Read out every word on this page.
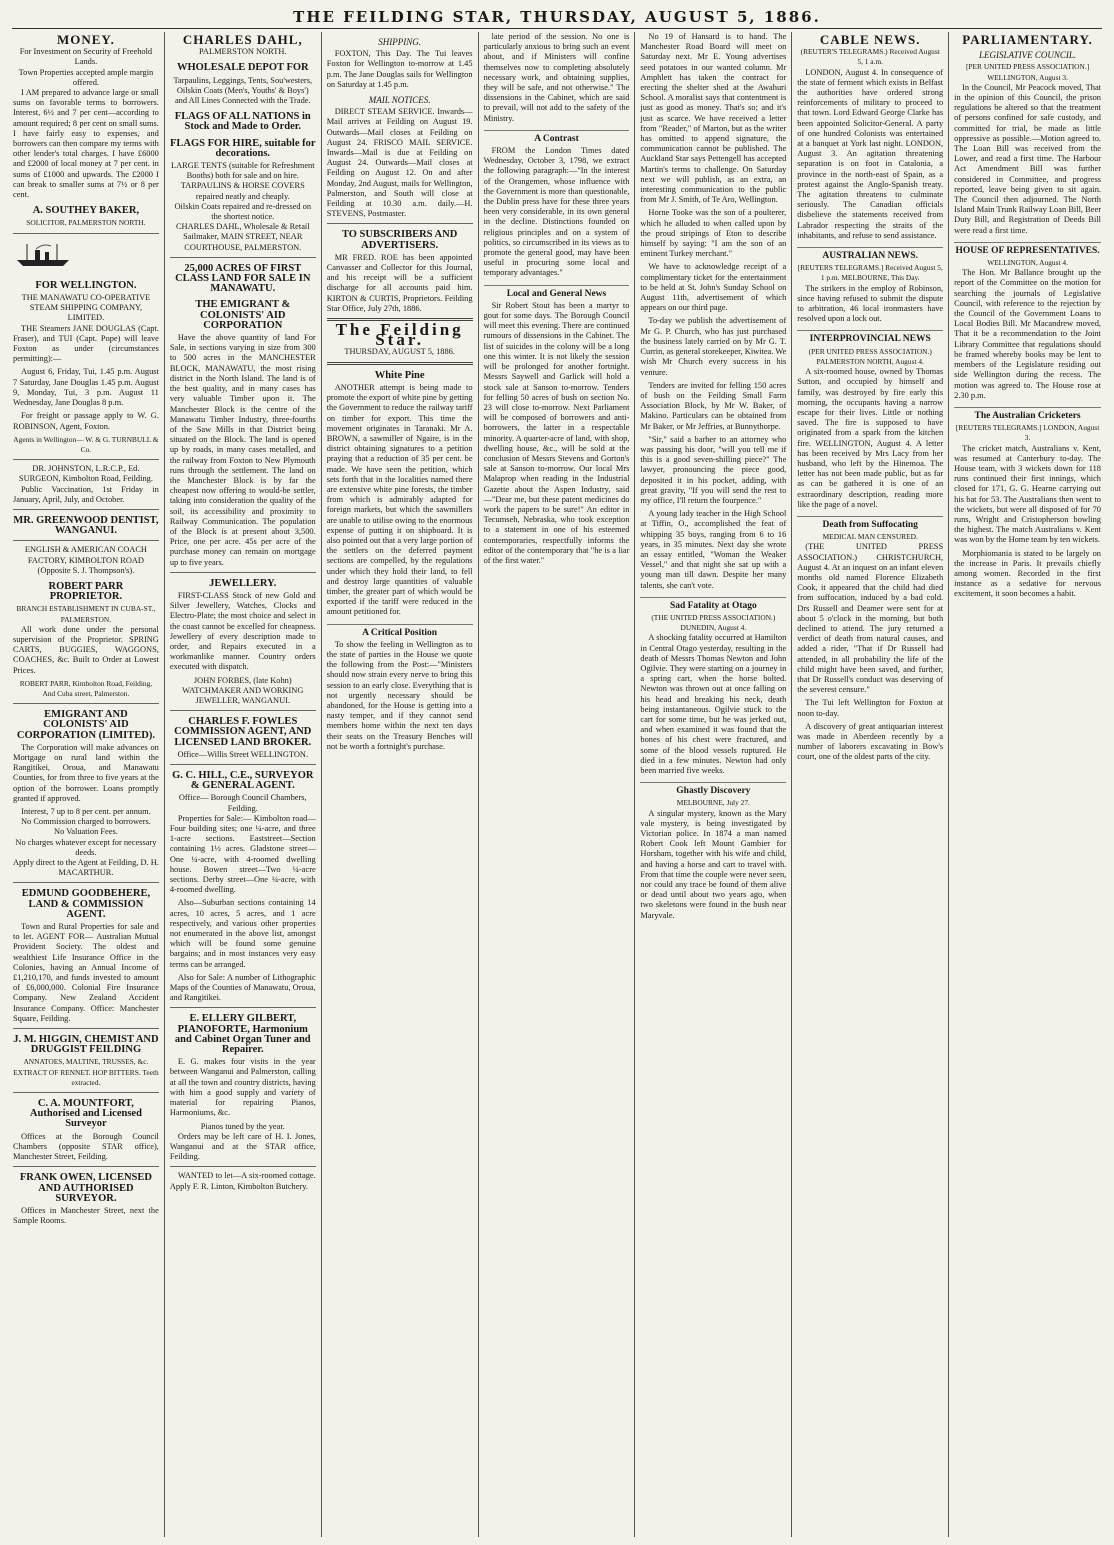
THE FEILDING STAR, THURSDAY, AUGUST 5, 1886.
MONEY.
For Investment on Security of Freehold Lands.
Town Properties accepted ample margin offered.

I AM prepared to advance large or small sums on favorable terms to borrowers. Interest, 6½ and 7 per cent—according to amount required; 8 per cent on small sums. I have fairly easy to expenses, and borrowers can then compare my terms with other lender's total charges. I have £6000 and £2000 of local money at 7 per cent. in sums of £1000 and upwards. The £2000 I can break to smaller sums at 7½ or 8 per cent.

A. SOUTHEY BAKER,
SOLICITOR, PALMERSTON NORTH.
FOR WELLINGTON.
THE MANAWATU CO-OPERATIVE STEAM SHIPPING COMPANY, LIMITED.

THE Steamers JANE DOUGLAS (Capt. Fraser), and TUI (Capt. Pope) will leave Foxton as under (circumstances permitting):—

August 6, Friday, Tui, 1.45 p.m. August 7 Saturday, Jane Douglas 1.45 p.m. August 9, Monday, Tui, 3 p.m. August 11 Wednesday, Jane Douglas 8 p.m.

For freight or passage apply to W. G. ROBINSON, Agent, Foxton.

Agents in Wellington— W. & G. TURNBULL & Co.
DR. JOHNSTON, L.R.C.P., Ed. SURGEON, Kimbolton Road, Feilding.

Public Vaccination, 1st Friday in January, April, July, and October.

MR. GREENWOOD DENTIST, WANGANUI.
ENGLISH & AMERICAN COACH FACTORY, KIMBOLTON ROAD (Opposite S. J. Thompson's).
ROBERT PARR PROPRIETOR.
BRANCH ESTABLISHMENT IN CUBA-ST., PALMERSTON.

All work done under the personal supervision of the Proprietor. SPRING CARTS, BUGGIES, WAGGONS, COACHES, &c. Built to Order at Lowest Prices.

ROBERT PARR, Kimbolton Road, Feilding, And Cuba street, Palmerston.
EMIGRANT AND COLONISTS' AID CORPORATION (LIMITED).

The Corporation will make advances on Mortgage on rural land within the Rangitikei, Oroua, and Manawatu Counties, for from three to five years at the option of the borrower. Loans promptly granted if approved.

Interest, 7 up to 8 per cent. per annum.
No Commission charged to borrowers.
No Valuation Fees.
No charges whatever except for necessary deeds.
Apply direct to the Agent at Feilding, D. H. MACARTHUR.
EDMUND GOODBEHERE, LAND & COMMISSION AGENT.

Town and Rural Properties for sale and to let. AGENT FOR— Australian Mutual Provident Society. The oldest and wealthiest Life Insurance Office in the Colonies, having an Annual Income of £1,210,170, and funds invested to amount of £6,000,000. Colonial Fire Insurance Company. New Zealand Accident Insurance Company. Office: Manchester Square, Feilding.

J. M. HIGGIN, CHEMIST AND DRUGGIST FEILDING
ANNATOES, MALTINE, TRUSSES, &c. EXTRACT OF RENNET. HOP BITTERS. Teeth extracted.
C. A. MOUNTFORT, Authorised and Licensed Surveyor

Offices at the Borough Council Chambers (opposite STAR office), Manchester Street, Feilding.

FRANK OWEN, LICENSED AND AUTHORISED SURVEYOR.

Offices in Manchester Street, next the Sample Rooms.

CHARLES DAHL,
PALMERSTON NORTH.
WHOLESALE DEPOT FOR
Tarpaulins, Leggings, Tents, Sou'westers, Oilskin Coats (Men's, Youths' & Boys') and All Lines Connected with the Trade.
FLAGS OF ALL NATIONS in Stock and Made to Order.
FLAGS FOR HIRE, suitable for decorations.
LARGE TENTS (suitable for Refreshment Booths) both for sale and on hire.
TARPAULINS & HORSE COVERS repaired neatly and cheaply.
Oilskin Coats repaired and re-dressed on the shortest notice.
CHARLES DAHL, Wholesale & Retail Sailmaker, MAIN STREET, NEAR COURTHOUSE, PALMERSTON.
25,000 ACRES OF FIRST CLASS LAND FOR SALE IN MANAWATU.
THE EMIGRANT & COLONISTS' AID CORPORATION

Have the above quantity of land For Sale, in sections varying in size from 300 to 500 acres in the MANCHESTER BLOCK, MANAWATU, the most rising district in the North Island. The land is of the best quality, and in many cases has very valuable Timber upon it. The Manchester Block is the centre of the Manawatu Timber Industry, three-fourths of the Saw Mills in that District being situated on the Block. The land is opened up by roads, in many cases metalled, and the railway from Foxton to New Plymouth runs through the settlement. The land on the Manchester Block is by far the cheapest now offering to would-be settler, taking into consideration the quality of the soil, its accessibility and proximity to Railway Communication. The population of the Block is at present about 3,500. Price, one per acre. 45s per acre of the purchase money can remain on mortgage up to five years.

JEWELLERY.

FIRST-CLASS Stock of new Gold and Silver Jewellery, Watches, Clocks and Electro-Plate; the most choice and select in the coast cannot be excelled for cheapness. Jewellery of every description made to order, and Repairs executed in a workmanlike manner. Country orders executed with dispatch.

JOHN FORBES, (late Kohn) WATCHMAKER AND WORKING JEWELLER, WANGANUI.
CHARLES F. FOWLES COMMISSION AGENT, AND LICENSED LAND BROKER.
Office—Willis Street WELLINGTON.
G. C. HILL, C.E., SURVEYOR & GENERAL AGENT.
Office— Borough Council Chambers, Feilding.

Properties for Sale:— Kimbolton road—Four building sites; one ¼-acre, and three 1-acre sections. Eaststreet—Section containing 1½ acres. Gladstone street—One ¼-acre, with 4-roomed dwelling house. Bowen street—Two ¼-acre sections. Derby street—One ¼-acre, with 4-roomed dwelling.

Also—Suburban sections containing 14 acres, 10 acres, 5 acres, and 1 acre respectively, and various other properties not enumerated in the above list, amongst which will be found some genuine bargains; and in most instances very easy terms can be arranged.

Also for Sale: A number of Lithographic Maps of the Counties of Manawatu, Oroua, and Rangitikei.

E. ELLERY GILBERT, PIANOFORTE, Harmonium and Cabinet Organ Tuner and Repairer.

E. G. makes four visits in the year between Wanganui and Palmerston, calling at all the town and country districts, having with him a good supply and variety of material for repairing Pianos, Harmoniums, &c.

Pianos tuned by the year.

Orders may be left care of H. I. Jones, Wanganui and at the STAR office, Feilding.

WANTED to let—A six-roomed cottage. Apply F. R. Linton, Kimbolton Butchery.

SHIPPING.

FOXTON, This Day. The Tui leaves Foxton for Wellington to-morrow at 1.45 p.m. The Jane Douglas sails for Wellington on Saturday at 1.45 p.m.

MAIL NOTICES.

DIRECT STEAM SERVICE. Inwards—Mail arrives at Feilding on August 19. Outwards—Mail closes at Feilding on August 24. FRISCO MAIL SERVICE. Inwards—Mail is due at Feilding on August 24. Outwards—Mail closes at Feilding on August 12. On and after Monday, 2nd August, mails for Wellington, Palmerston, and South will close at Feilding at 10.30 a.m. daily.—H. STEVENS, Postmaster.

TO SUBSCRIBERS AND ADVERTISERS.

MR FRED. ROE has been appointed Canvasser and Collector for this Journal, and his receipt will be a sufficient discharge for all accounts paid him. KIRTON & CURTIS, Proprietors. Feilding Star Office, July 27th, 1886.

The Feilding Star.
THURSDAY, AUGUST 5, 1886.
White Pine

ANOTHER attempt is being made to promote the export of white pine by getting the Government to reduce the railway tariff on timber for export. This time the movement originates in Taranaki. Mr A. BROWN, a sawmiller of Ngaire, is in the district obtaining signatures to a petition praying that a reduction of 35 per cent. be made. We have seen the petition, which sets forth that in the localities named there are extensive white pine forests, the timber from which is admirably adapted for foreign markets, but which the sawmillers are unable to utilise owing to the enormous expense of putting it on shipboard. It is also pointed out that a very large portion of the settlers on the deferred payment sections are compelled, by the regulations under which they hold their land, to fell and destroy large quantities of valuable timber, the greater part of which would be exported if the tariff were reduced in the amount petitioned for.

A Critical Position

To show the feeling in Wellington as to the state of parties in the House we quote the following from the Post:—"Ministers should now strain every nerve to bring this session to an early close. Everything that is not urgently necessary should be abandoned, for the House is getting into a nasty temper, and if they cannot send members home within the next ten days their seats on the Treasury Benches will not be worth a fortnight's purchase.

late period of the session. No one is particularly anxious to bring such an event about, and if Ministers will confine themselves now to completing absolutely necessary work, and obtaining supplies, they will be safe, and not otherwise." The dissensions in the Cabinet, which are said to prevail, will not add to the safety of the Ministry.

A Contrast

FROM the London Times dated Wednesday, October 3, 1798, we extract the following paragraph:—"In the interest of the Orangemen, whose influence with the Government is more than questionable, the Dublin press have for these three years been very considerable, in its own general in the decline. Distinctions founded on religious principles and on a system of politics, so circumscribed in its views as to promote the general good, may have been useful in procuring some local and temporary advantages."

Local and General News

Sir Robert Stout has been a martyr to gout for some days. The Borough Council will meet this evening. There are continued rumours of dissensions in the Cabinet. The list of suicides in the colony will be a long one this winter. It is not likely the session will be prolonged for another fortnight. Messrs Saywell and Garlick will hold a stock sale at Sanson to-morrow. Tenders for felling 50 acres of bush on section No. 23 will close to-morrow. Next Parliament will be composed of borrowers and anti-borrowers, the latter in a respectable minority. A quarter-acre of land, with shop, dwelling house, &c., will be sold at the conclusion of Messrs Stevens and Gorton's sale at Sanson to-morrow. Our local Mrs Malaprop when reading in the Industrial Gazette about the Aspen Industry, said—"Dear me, but these patent medicines do work the papers to be sure!" An editor in Tecumseh, Nebraska, who took exception to a statement in one of his esteemed contemporaries, respectfully informs the editor of the contemporary that "he is a liar of the first water."

No 19 of Hansard is to hand. The Manchester Road Board will meet on Saturday next. Mr E. Young advertises seed potatoes in our wanted column. Mr Amphlett has taken the contract for erecting the shelter shed at the Awahuri School. A moralist says that contentment is just as good as money. That's so; and it's just as scarce. We have received a letter from "Reader," of Marton, but as the writer has omitted to append signature, the communication cannot be published. The Auckland Star says Pettengell has accepted Martin's terms to challenge. On Saturday next we will publish, as an extra, an interesting communication to the public from Mr J. Smith, of Te Aro, Wellington.

Horne Tooke was the son of a poulterer, which he alluded to when called upon by the proud stripings of Eton to describe himself by saying: "I am the son of an eminent Turkey merchant."

We have to acknowledge receipt of a complimentary ticket for the entertainment to be held at St. John's Sunday School on August 11th, advertisement of which appears on our third page.

To-day we publish the advertisement of Mr G. P. Church, who has just purchased the business lately carried on by Mr G. T. Currin, as general storekeeper, Kiwitea. We wish Mr Church every success in his venture.

Tenders are invited for felling 150 acres of bush on the Feilding Small Farm Association Block, by Mr W. Baker, of Makino. Particulars can be obtained from Mr Baker, or Mr Jeffries, at Bunnythorpe.

"Sir," said a barber to an attorney who was passing his door, "will you tell me if this is a good seven-shilling piece?" The lawyer, pronouncing the piece good, deposited it in his pocket, adding, with great gravity, "If you will send the rest to my office, I'll return the fourpence."

A young lady teacher in the High School at Tiffin, O., accomplished the feat of whipping 35 boys, ranging from 6 to 16 years, in 35 minutes. Next day she wrote an essay entitled, "Woman the Weaker Vessel," and that night she sat up with a young man till dawn. Despite her many talents, she can't vote.

Sad Fatality at Otago
(THE UNITED PRESS ASSOCIATION.) DUNEDIN, August 4.

A shocking fatality occurred at Hamilton in Central Otago yesterday, resulting in the death of Messrs Thomas Newton and John Ogilvie. They were starting on a journey in a spring cart, when the horse bolted. Newton was thrown out at once falling on his head and breaking his neck, death being instantaneous. Ogilvie stuck to the cart for some time, but he was jerked out, and when examined it was found that the bones of his chest were fractured, and some of the blood vessels ruptured. He died in a few minutes. Newton had only been married five weeks.

Ghastly Discovery
MELBOURNE, July 27.

A singular mystery, known as the Mary vale mystery, is being investigated by Victorian police. In 1874 a man named Robert Cook left Mount Gambier for Horsham, together with his wife and child, and having a horse and cart to travel with. From that time the couple were never seen, nor could any trace be found of them alive or dead until about two years ago, when two skeletons were found in the bush near Maryvale.

CABLE NEWS.
(REUTER'S TELEGRAMS.) Received August 5, 1 a.m.

LONDON, August 4. In consequence of the state of ferment which exists in Belfast the authorities have ordered strong reinforcements of military to proceed to that town. Lord Edward George Clarke has been appointed Solicitor-General. A party of one hundred Colonists was entertained at a banquet at York last night. LONDON, August 3. An agitation threatening separation is on foot in Catalonia, a province in the north-east of Spain, as a protest against the Anglo-Spanish treaty. The agitation threatens to culminate seriously. The Canadian officials disbelieve the statements received from Labrador respecting the straits of the inhabitants, and refuse to send assistance.

AUSTRALIAN NEWS.
[REUTERS TELEGRAMS.] Received August 5, 1 p.m. MELBOURNE, This Day.

The strikers in the employ of Robinson, since having refused to submit the dispute to arbitration, 46 local ironmasters have resolved upon a lock out.

INTERPROVINCIAL NEWS
(PER UNITED PRESS ASSOCIATION.) PALMERSTON NORTH, August 4.

A six-roomed house, owned by Thomas Sutton, and occupied by himself and family, was destroyed by fire early this morning, the occupants having a narrow escape for their lives. Little or nothing saved. The fire is supposed to have originated from a spark from the kitchen fire. WELLINGTON, August 4. A letter has been received by Mrs Lacy from her husband, who left by the Hinemoa. The letter has not been made public, but as far as can be gathered it is one of an extraordinary description, reading more like the page of a novel.

Death from Suffocating
MEDICAL MAN CENSURED.

(THE UNITED PRESS ASSOCIATION.) CHRISTCHURCH, August 4. At an inquest on an infant eleven months old named Florence Elizabeth Cook, it appeared that the child had died from suffocation, induced by a bad cold. Drs Russell and Deamer were sent for at about 5 o'clock in the morning, but both declined to attend. The jury returned a verdict of death from natural causes, and added a rider, "That if Dr Russell had attended, in all probability the life of the child might have been saved, and further, that Dr Russell's conduct was deserving of the severest censure."

The Tui left Wellington for Foxton at noon to-day.

A discovery of great antiquarian interest was made in Aberdeen recently by a number of laborers excavating in Bow's court, one of the oldest parts of the city.

PARLIAMENTARY.
LEGISLATIVE COUNCIL.
[PER UNITED PRESS ASSOCIATION.] WELLINGTON, August 3.

In the Council, Mr Peacock moved, That in the opinion of this Council, the prison regulations be altered so that the treatment of persons confined for safe custody, and committed for trial, be made as little oppressive as possible.—Motion agreed to. The Loan Bill was received from the Lower, and read a first time. The Harbour Act Amendment Bill was further considered in Committee, and progress reported, leave being given to sit again. The Council then adjourned. The North Island Main Trunk Railway Loan Bill, Beer Duty Bill, and Registration of Deeds Bill were read a first time.

HOUSE OF REPRESENTATIVES.
WELLINGTON, August 4.

The Hon. Mr Ballance brought up the report of the Committee on the motion for searching the journals of Legislative Council, with reference to the rejection by the Council of the Government Loans to Local Bodies Bill. Mr Macandrew moved, That it be a recommendation to the Joint Library Committee that regulations should be framed whereby books may be lent to members of the Legislature residing out side Wellington during the recess. The motion was agreed to. The House rose at 2.30 p.m.

The Australian Cricketers
[REUTERS TELEGRAMS.] LONDON, August 3.

The cricket match, Australians v. Kent, was resumed at Canterbury to-day. The House team, with 3 wickets down for 118 runs continued their first innings, which closed for 171, G. G. Hearne carrying out his bat for 53. The Australians then went to the wickets, but were all disposed of for 70 runs, Wright and Cristopherson bowling the highest. The match Australians v. Kent was won by the Home team by ten wickets.

Morphiomania is stated to be largely on the increase in Paris. It prevails chiefly among women. Recorded in the first instance as a sedative for nervous excitement, it soon becomes a habit.
